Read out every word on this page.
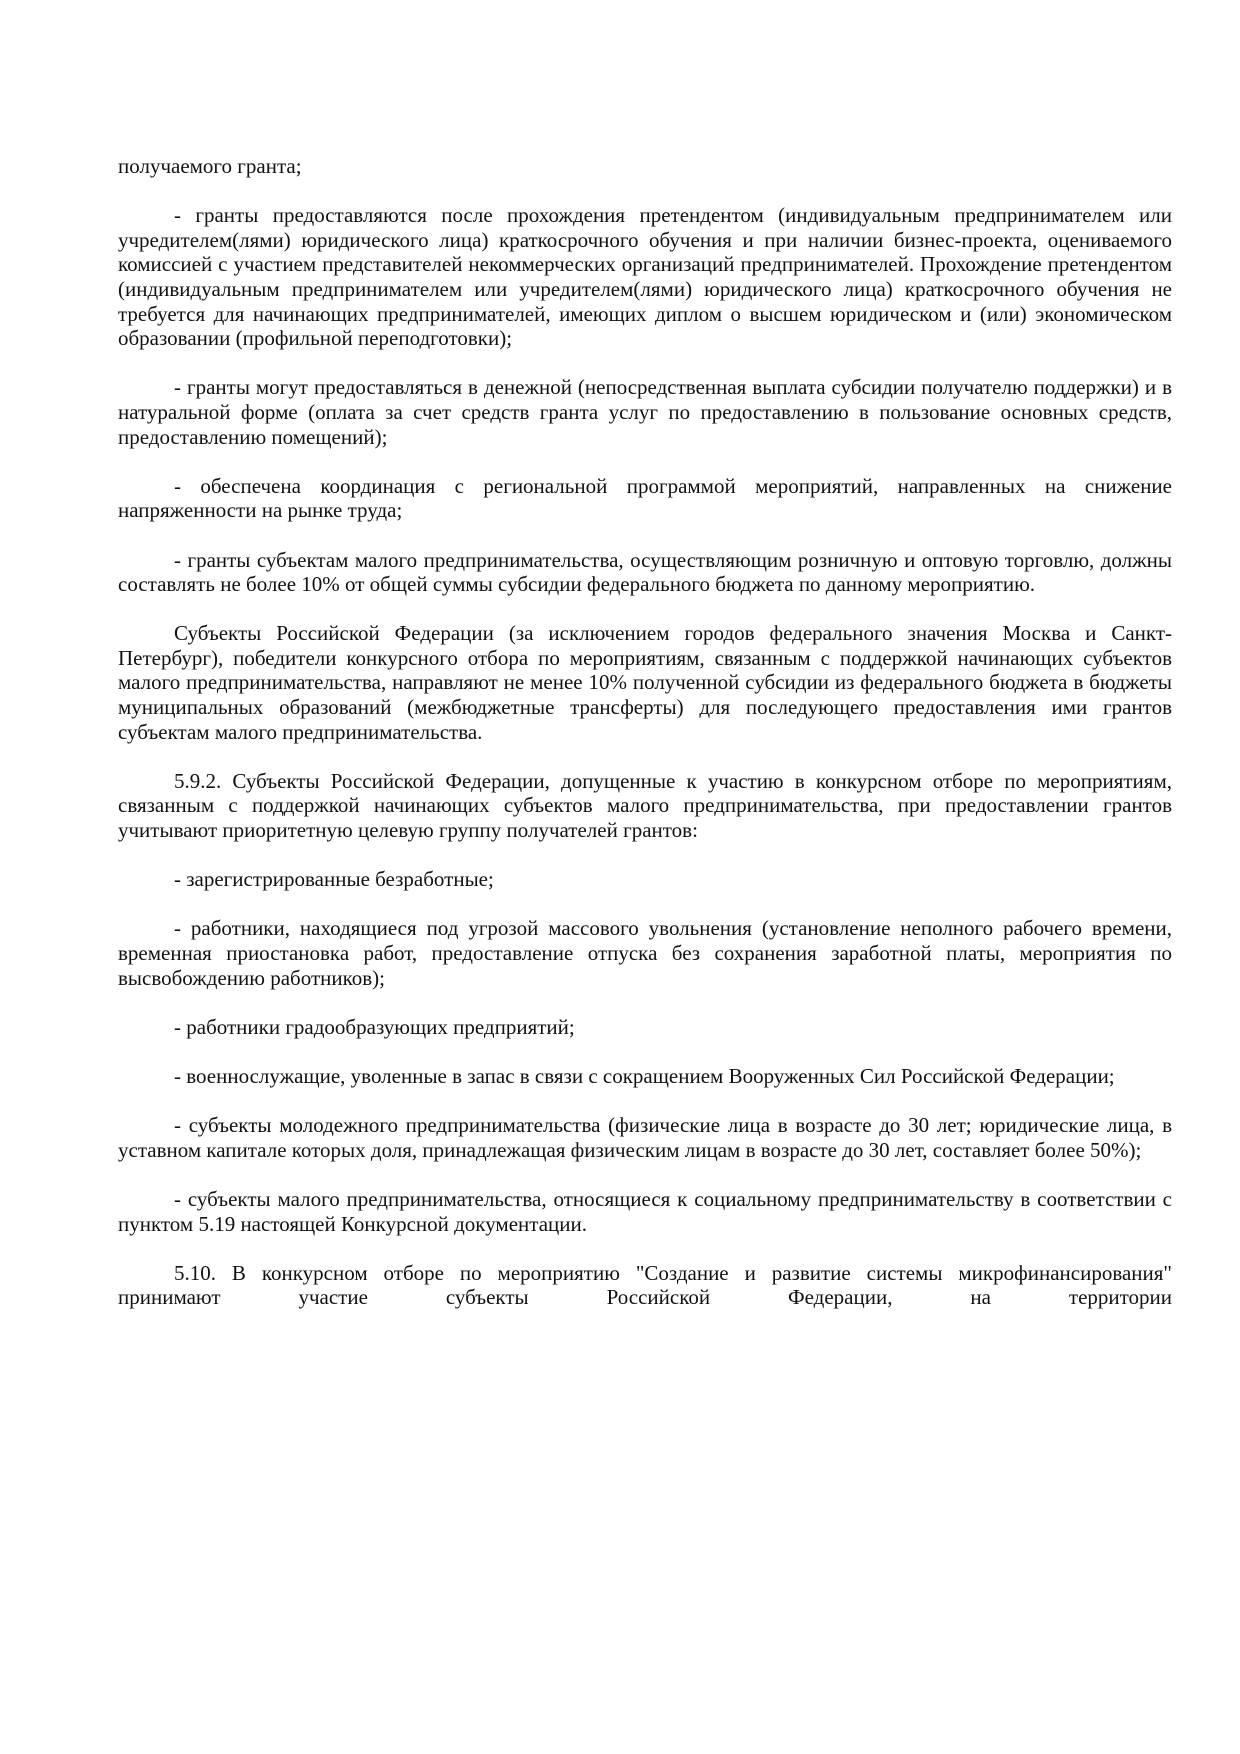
получаемого гранта;

- гранты предоставляются после прохождения претендентом (индивидуальным предпринимателем или учредителем(лями) юридического лица) краткосрочного обучения и при наличии бизнес-проекта, оцениваемого комиссией с участием представителей некоммерческих организаций предпринимателей. Прохождение претендентом (индивидуальным предпринимателем или учредителем(лями) юридического лица) краткосрочного обучения не требуется для начинающих предпринимателей, имеющих диплом о высшем юридическом и (или) экономическом образовании (профильной переподготовки);

- гранты могут предоставляться в денежной (непосредственная выплата субсидии получателю поддержки) и в натуральной форме (оплата за счет средств гранта услуг по предоставлению в пользование основных средств, предоставлению помещений);

- обеспечена координация с региональной программой мероприятий, направленных на снижение напряженности на рынке труда;

- гранты субъектам малого предпринимательства, осуществляющим розничную и оптовую торговлю, должны составлять не более 10% от общей суммы субсидии федерального бюджета по данному мероприятию.

Субъекты Российской Федерации (за исключением городов федерального значения Москва и Санкт-Петербург), победители конкурсного отбора по мероприятиям, связанным с поддержкой начинающих субъектов малого предпринимательства, направляют не менее 10% полученной субсидии из федерального бюджета в бюджеты муниципальных образований (межбюджетные трансферты) для последующего предоставления ими грантов субъектам малого предпринимательства.

5.9.2. Субъекты Российской Федерации, допущенные к участию в конкурсном отборе по мероприятиям, связанным с поддержкой начинающих субъектов малого предпринимательства, при предоставлении грантов учитывают приоритетную целевую группу получателей грантов:

- зарегистрированные безработные;

- работники, находящиеся под угрозой массового увольнения (установление неполного рабочего времени, временная приостановка работ, предоставление отпуска без сохранения заработной платы, мероприятия по высвобождению работников);

- работники градообразующих предприятий;

- военнослужащие, уволенные в запас в связи с сокращением Вооруженных Сил Российской Федерации;

- субъекты молодежного предпринимательства (физические лица в возрасте до 30 лет; юридические лица, в уставном капитале которых доля, принадлежащая физическим лицам в возрасте до 30 лет, составляет более 50%);

- субъекты малого предпринимательства, относящиеся к социальному предпринимательству в соответствии с пунктом 5.19 настоящей Конкурсной документации.

5.10. В конкурсном отборе по мероприятию "Создание и развитие системы микрофинансирования" принимают участие субъекты Российской Федерации, на территории
